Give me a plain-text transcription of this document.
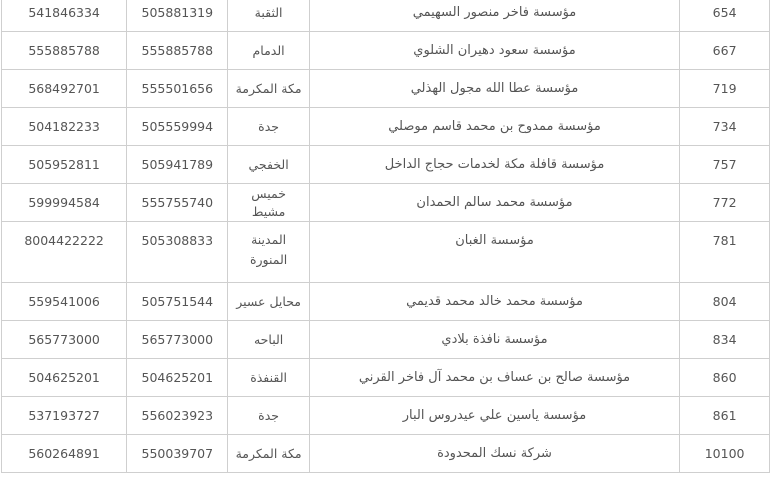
541846334	505881319	الثقبة	مؤسسة فاخر منصور السهيمي	654
555885788	555885788	الدمام	مؤسسة سعود دهيران الشلوي	667
568492701	555501656	مكة المكرمة	مؤسسة عطا الله مجول الهذلي	719
504182233	505559994	جدة	مؤسسة ممدوح بن محمد قاسم موصلي	734
505952811	505941789	الخفجي	مؤسسة قافلة مكة لخدمات حجاج الداخل	757
599994584	555755740	خميس مشيط	مؤسسة محمد سالم الحمدان	772
8004422222	505308833	المدينة المنورة	مؤسسة الغبان	781
559541006	505751544	محايل عسير	مؤسسة محمد خالد محمد قديمي	804
565773000	565773000	الباحه	مؤسسة نافذة بلادي	834
504625201	504625201	القنفذة	مؤسسة صالح بن عساف بن محمد آل فاخر القرني	860
537193727	556023923	جدة	مؤسسة ياسين علي عيدروس البار	861
560264891	550039707	مكة المكرمة	شركة نسك المحدودة	10100
